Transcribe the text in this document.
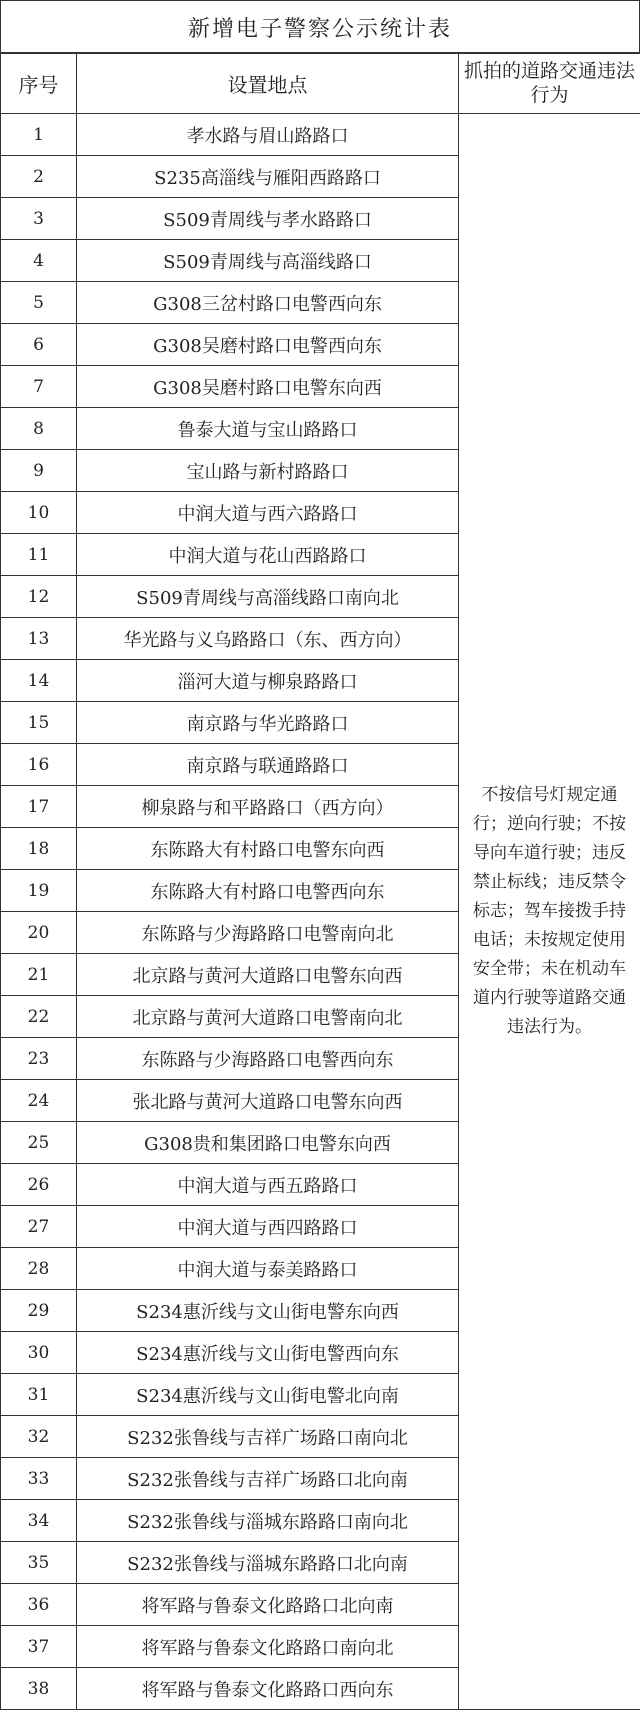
新增电子警察公示统计表
序号	设置地点	抓拍的道路交通违法行为
1	孝水路与眉山路路口	不按信号灯规定通行；逆向行驶；不按导向车道行驶；违反禁止标线；违反禁令标志；驾车接拨手持电话；未按规定使用安全带；未在机动车道内行驶等道路交通违法行为。
2	S235高淄线与雁阳西路路口	
3	S509青周线与孝水路路口	
4	S509青周线与高淄线路口	
5	G308三岔村路口电警西向东	
6	G308吴磨村路口电警西向东	
7	G308吴磨村路口电警东向西	
8	鲁泰大道与宝山路路口	
9	宝山路与新村路路口	
10	中润大道与西六路路口	
11	中润大道与花山西路路口	
12	S509青周线与高淄线路口南向北	
13	华光路与义乌路路口（东、西方向）	
14	淄河大道与柳泉路路口	
15	南京路与华光路路口	
16	南京路与联通路路口	
17	柳泉路与和平路路口（西方向）	
18	东陈路大有村路口电警东向西	
19	东陈路大有村路口电警西向东	
20	东陈路与少海路路口电警南向北	
21	北京路与黄河大道路口电警东向西	
22	北京路与黄河大道路口电警南向北	
23	东陈路与少海路路口电警西向东	
24	张北路与黄河大道路口电警东向西	
25	G308贵和集团路口电警东向西	
26	中润大道与西五路路口	
27	中润大道与西四路路口	
28	中润大道与泰美路路口	
29	S234惠沂线与文山街电警东向西	
30	S234惠沂线与文山街电警西向东	
31	S234惠沂线与文山街电警北向南	
32	S232张鲁线与吉祥广场路口南向北	
33	S232张鲁线与吉祥广场路口北向南	
34	S232张鲁线与淄城东路路口南向北	
35	S232张鲁线与淄城东路路口北向南	
36	将军路与鲁泰文化路路口北向南	
37	将军路与鲁泰文化路路口南向北	
38	将军路与鲁泰文化路路口西向东	
